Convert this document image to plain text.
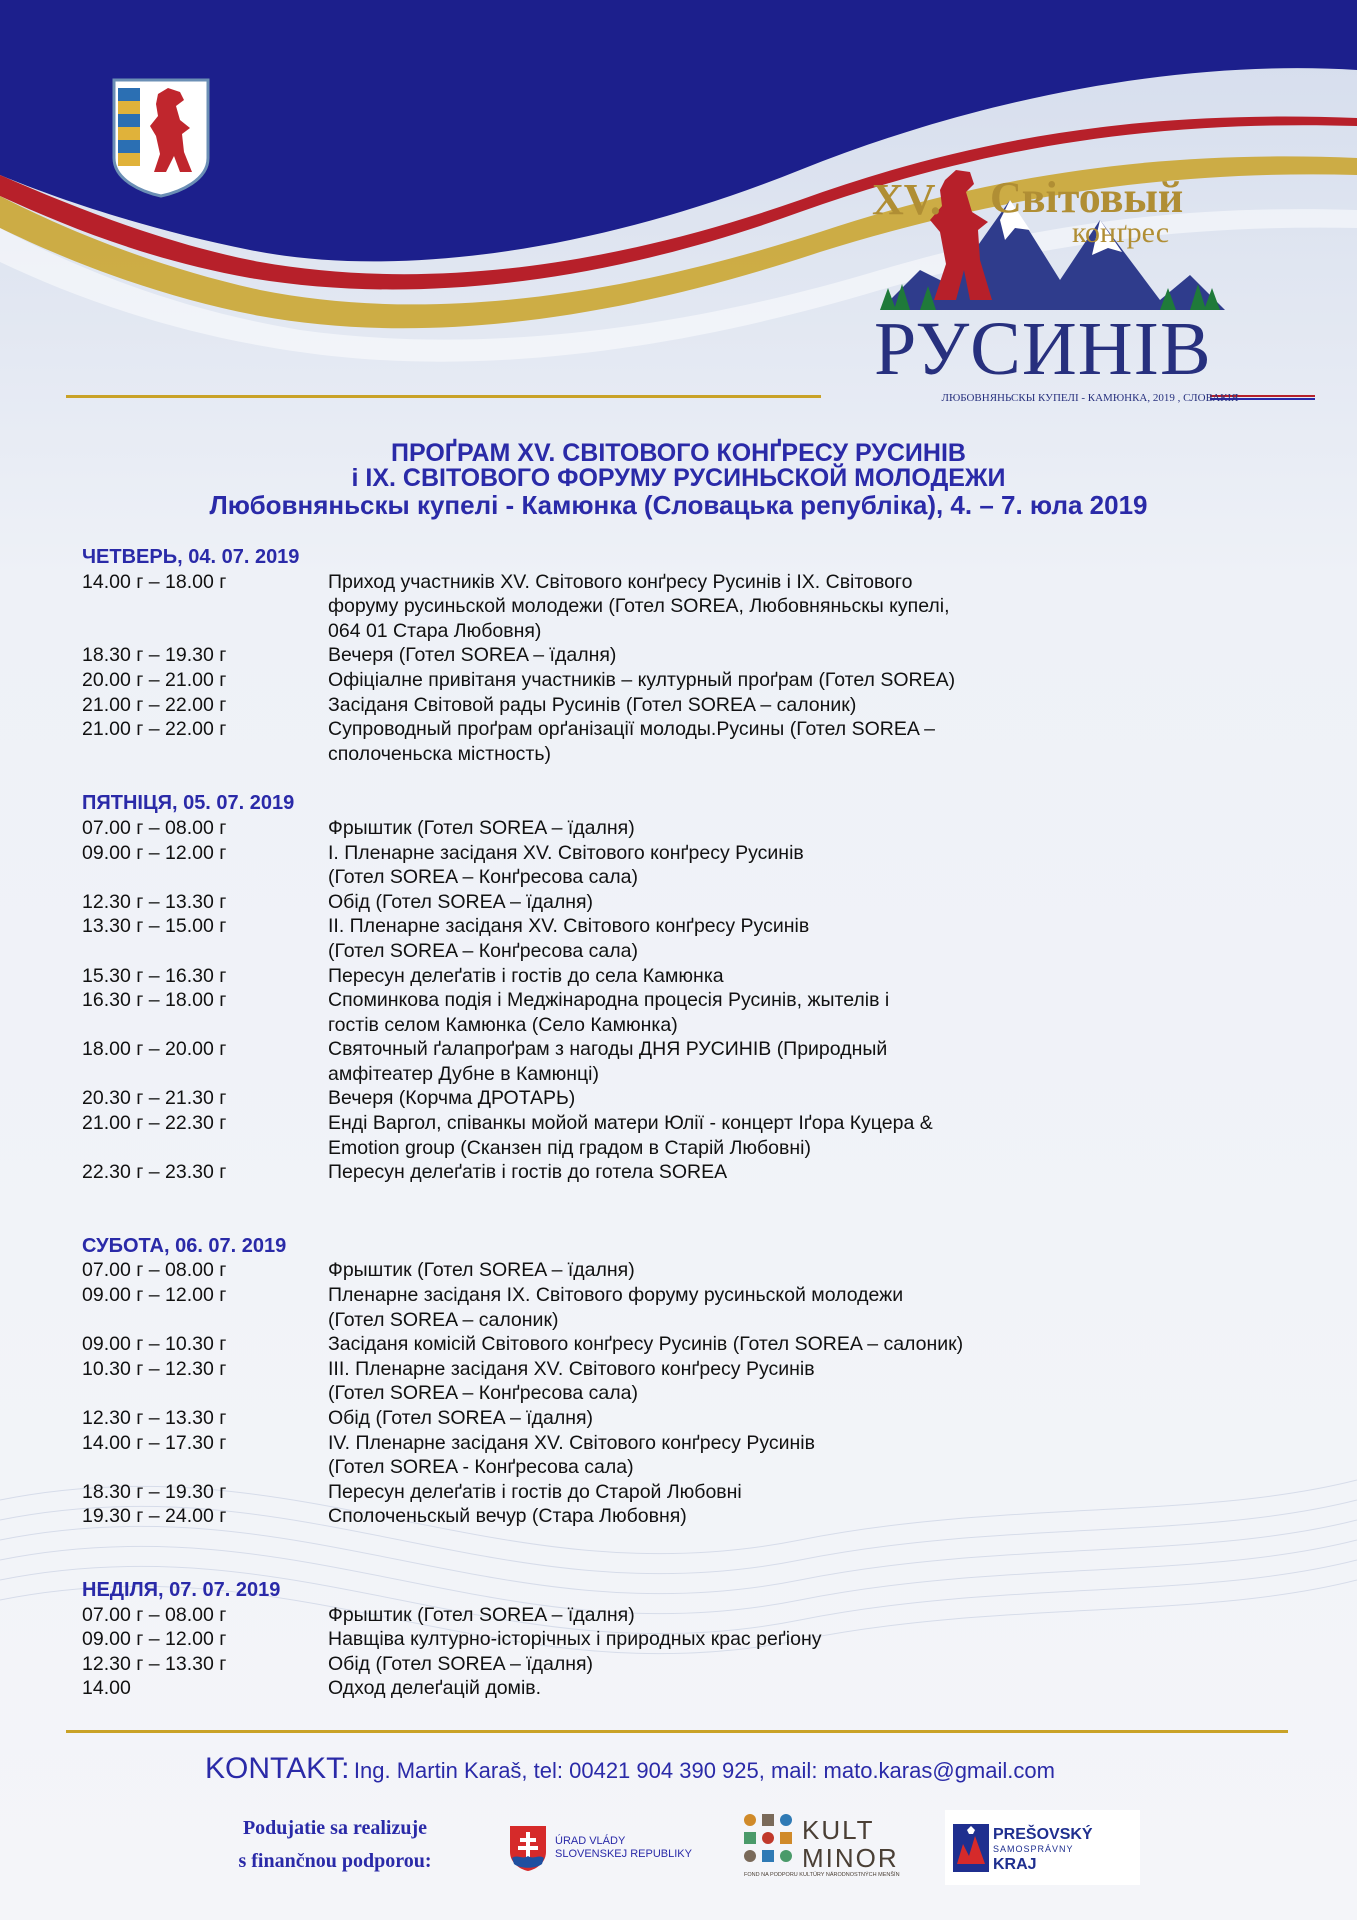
XV. Світовый
конґрес
РУСИНІВ
ЛЮБОВНЯНЬСКЫ КУПЕЛІ - КАМЮНКА, 2019 , СЛОВАКІЯ
ПРОҐРАМ XV. СВІТОВОГО КОНҐРЕСУ РУСИНІВ
і IX. СВІТОВОГО ФОРУМУ РУСИНЬСКОЙ МОЛОДЕЖИ
Любовняньскы купелі - Камюнка (Словацька републіка), 4. – 7. юла 2019
ЧЕТВЕРЬ, 04. 07. 2019
14.00 г – 18.00 г	Приход участників XV. Світового конґресу Русинів і IX. Світового
форуму русиньской молодежи (Готел SOREA, Любовняньскы купелі,
064 01 Стара Любовня)
18.30 г – 19.30 г	Вечеря (Готел SOREA – їдалня)
20.00 г – 21.00 г	Офіціалне привітаня участників – културный проґрам (Готел SOREA)
21.00 г – 22.00 г	Засіданя Світовой рады Русинів (Готел SOREA – салоник)
21.00 г – 22.00 г	Супроводный проґрам орґанізації молоды.Русины (Готел SOREA –
сполоченьска містность)
ПЯТНІЦЯ, 05. 07. 2019
07.00 г – 08.00 г	Фрыштик (Готел SOREA – їдалня)
09.00 г – 12.00 г	I. Пленарне засіданя XV. Світового конґресу Русинів
(Готел SOREA – Конґресова сала)
12.30 г – 13.30 г	Обід (Готел SOREA – їдалня)
13.30 г – 15.00 г	II. Пленарне засіданя XV. Світового конґресу Русинів
(Готел SOREA – Конґресова сала)
15.30 г – 16.30 г	Пересун делеґатів і гостів до села Камюнка
16.30 г – 18.00 г	Споминкова подія і Меджінародна процесія Русинів, жытелів і
гостів селом Камюнка (Село Камюнка)
18.00 г – 20.00 г	Святочный ґалапроґрам з нагоды ДНЯ РУСИНІВ (Природный
амфітеатер Дубне в Камюнці)
20.30 г – 21.30 г	Вечеря (Корчма ДРОТАРЬ)
21.00 г – 22.30 г	Енді Варгол, співанкы мойой матери Юлії - концерт Іґора Куцера &
Emotion group (Сканзен під градом в Старій Любовні)
22.30 г – 23.30 г	Пересун делеґатів і гостів до готела SOREA
СУБОТА, 06. 07. 2019
07.00 г – 08.00 г	Фрыштик (Готел SOREA – їдалня)
09.00 г – 12.00 г	Пленарне засіданя IX. Світового форуму русиньской молодежи
(Готел SOREA – салоник)
09.00 г – 10.30 г	Засіданя комісій Світового конґресу Русинів (Готел SOREA – салоник)
10.30 г – 12.30 г	III. Пленарне засіданя XV. Світового конґресу Русинів
(Готел SOREA – Конґресова сала)
12.30 г – 13.30 г	Обід (Готел SOREA – їдалня)
14.00 г – 17.30 г	IV. Пленарне засіданя XV. Світового конґресу Русинів
(Готел SOREA - Конґресова сала)
18.30 г – 19.30 г	Пересун делеґатів і гостів до Старой Любовні
19.30 г – 24.00 г	Сполоченьскый вечур (Стара Любовня)
НЕДІЛЯ, 07. 07. 2019
07.00 г – 08.00 г	Фрыштик (Готел SOREA – їдалня)
09.00 г – 12.00 г	Навщіва културно-історічных і природных крас реґіону
12.30 г – 13.30 г	Обід (Готел SOREA – їдалня)
14.00	Одход делеґацій домів.
KONTAKT: Ing. Martin Karaš, tel: 00421 904 390 925, mail: mato.karas@gmail.com
Podujatie sa realizuje
s finančnou podporou:
ÚRAD VLÁDY
SLOVENSKEJ REPUBLIKY
KULT
MINOR
FOND NA PODPORU KULTÚRY NÁRODNOSTNÝCH MENŠÍN
PREŠOVSKÝ
SAMOSPRÁVNY
KRAJ
